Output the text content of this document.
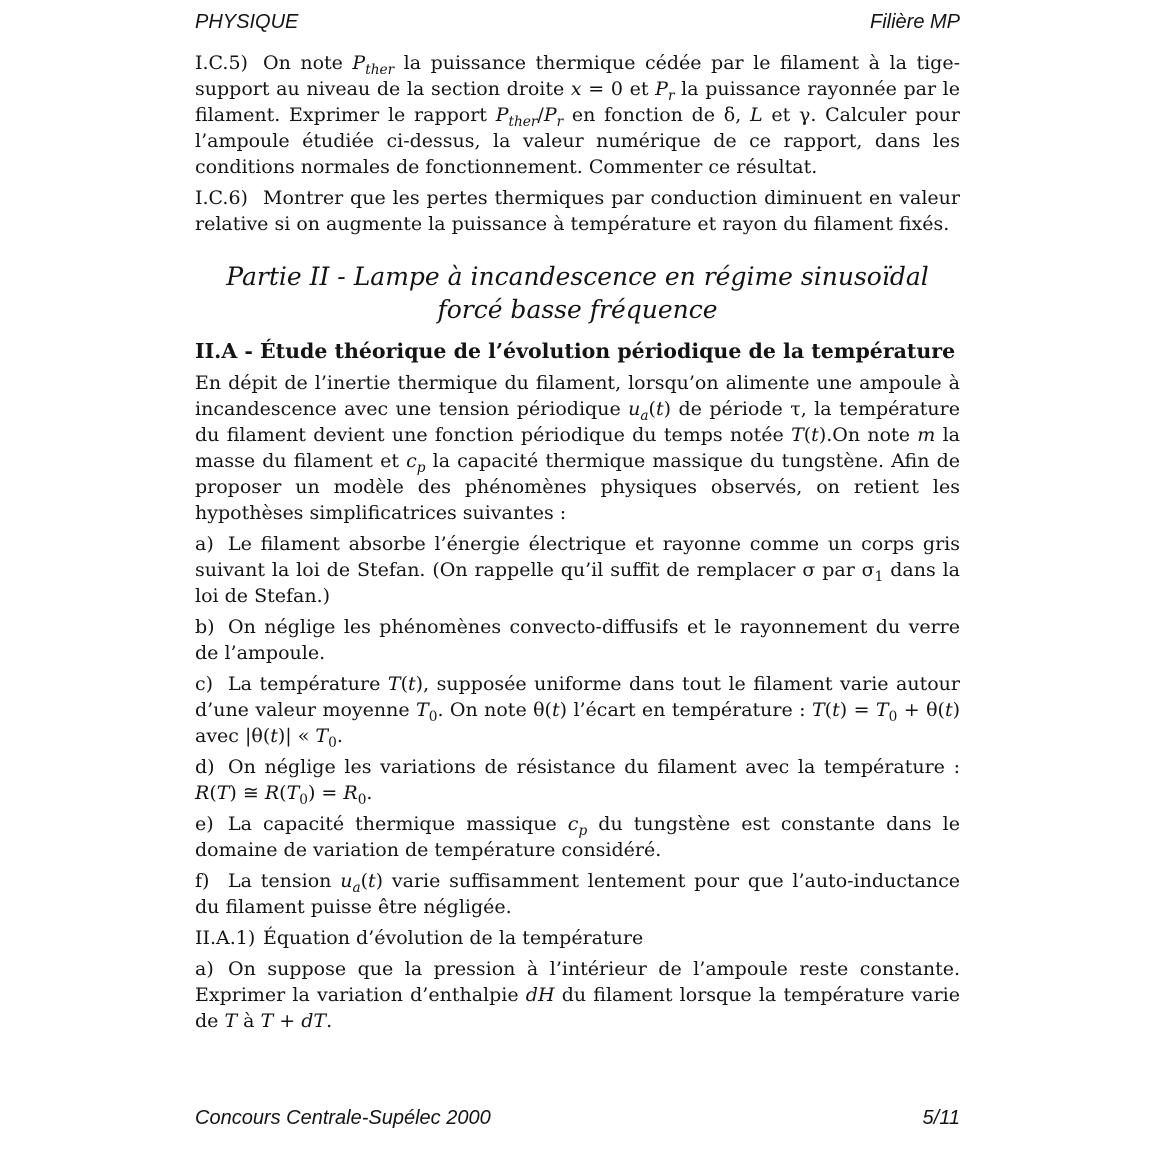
PHYSIQUE	Filière MP

I.C.5) On note $P_{ther}$ la puissance thermique cédée par le filament à la tige-support au niveau de la section droite x = 0 et $P_r$ la puissance rayonnée par le filament. Exprimer le rapport $P_{ther}/P_r$ en fonction de δ, L et γ. Calculer pour l’ampoule étudiée ci-dessus, la valeur numérique de ce rapport, dans les conditions normales de fonctionnement. Commenter ce résultat.

I.C.6) Montrer que les pertes thermiques par conduction diminuent en valeur relative si on augmente la puissance à température et rayon du filament fixés.

Partie II - Lampe à incandescence en régime sinusoïdal forcé basse fréquence
II.A - Étude théorique de l’évolution périodique de la température

En dépit de l’inertie thermique du filament, lorsqu’on alimente une ampoule à incandescence avec une tension périodique $u_a(t)$ de période τ, la température du filament devient une fonction périodique du temps notée T(t).On note m la masse du filament et $c_p$ la capacité thermique massique du tungstène. Afin de proposer un modèle des phénomènes physiques observés, on retient les hypothèses simplificatrices suivantes :

a) Le filament absorbe l’énergie électrique et rayonne comme un corps gris suivant la loi de Stefan. (On rappelle qu’il suffit de remplacer σ par $\sigma_1$ dans la loi de Stefan.)

b) On néglige les phénomènes convecto-diffusifs et le rayonnement du verre de l’ampoule.

c) La température T(t), supposée uniforme dans tout le filament varie autour d’une valeur moyenne $T_0$. On note θ(t) l’écart en température : $T(t) = T_0 + \theta(t)$ avec |θ(t)| « $T_0$.

d) On néglige les variations de résistance du filament avec la température : R(T) ≅ $R(T_0) = R_0$.

e) La capacité thermique massique $c_p$ du tungstène est constante dans le domaine de variation de température considéré.

f) La tension $u_a(t)$ varie suffisamment lentement pour que l’auto-inductance du filament puisse être négligée.

II.A.1) Équation d’évolution de la température

a) On suppose que la pression à l’intérieur de l’ampoule reste constante. Exprimer la variation d’enthalpie dH du filament lorsque la température varie de T à T + dT.

Concours Centrale-Supélec 2000	5/11
